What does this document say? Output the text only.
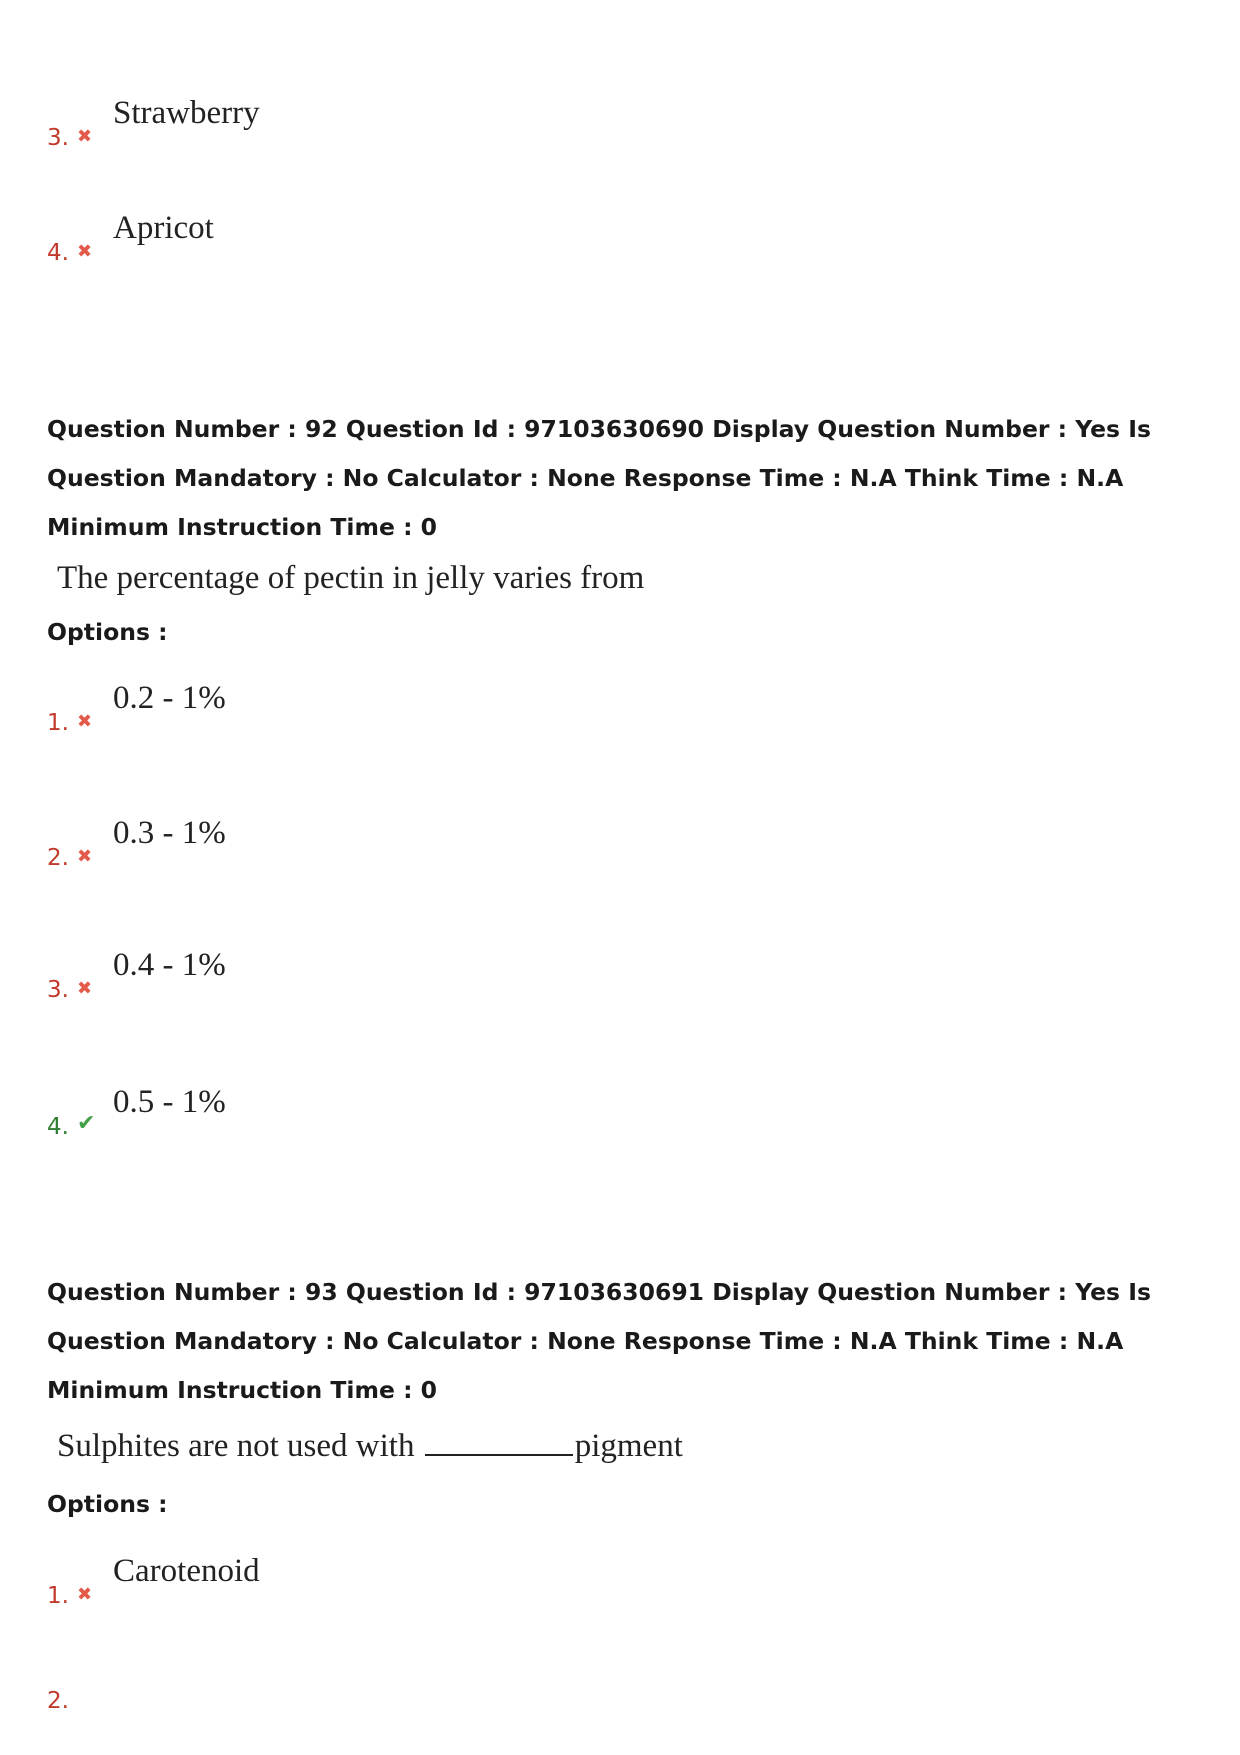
3. ✖
Strawberry
4. ✖
Apricot

Question Number : 92 Question Id : 97103630690 Display Question Number : Yes Is Question Mandatory : No Calculator : None Response Time : N.A Think Time : N.A Minimum Instruction Time : 0

The percentage of pectin in jelly varies from
Options :
1. ✖
0.2 - 1%
2. ✖
0.3 - 1%
3. ✖
0.4 - 1%
4. ✔
0.5 - 1%

Question Number : 93 Question Id : 97103630691 Display Question Number : Yes Is Question Mandatory : No Calculator : None Response Time : N.A Think Time : N.A Minimum Instruction Time : 0

Sulphites are not used with	pigment
Options :
1. ✖
Carotenoid
2.
